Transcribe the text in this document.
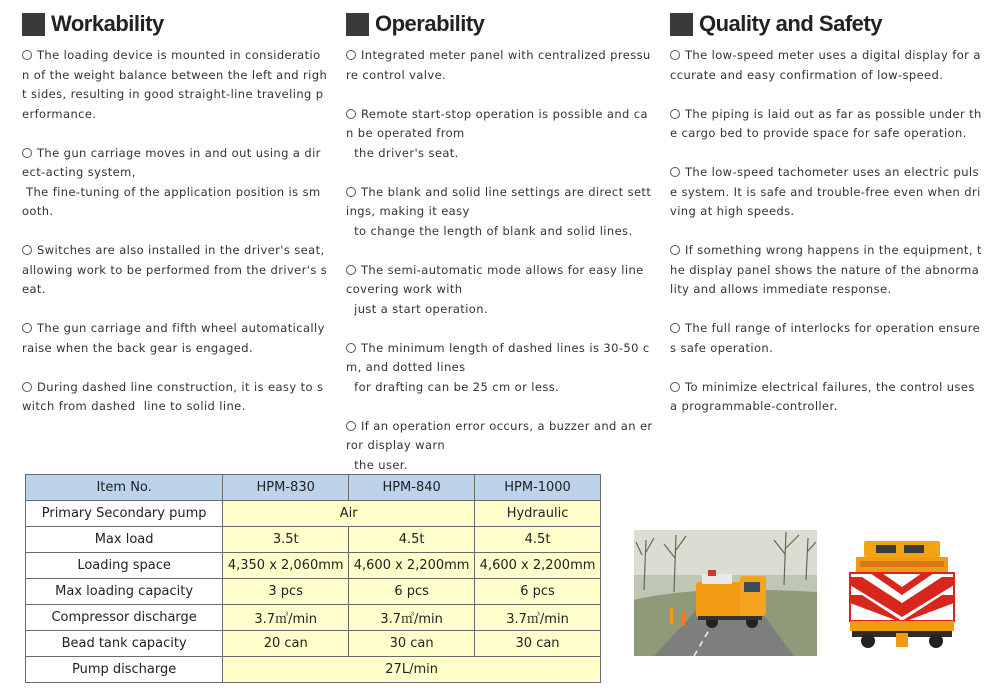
Workability

The loading device is mounted in consideration of the weight balance between the left and right sides, resulting in good straight-line traveling performance.

The gun carriage moves in and out using a direct-acting system,
The fine-tuning of the application position is smooth.

Switches are also installed in the driver's seat, allowing work to be performed from the driver's seat.

The gun carriage and fifth wheel automatically raise when the back gear is engaged.

During dashed line construction, it is easy to switch from dashed  line to solid line.

Operability

Integrated meter panel with centralized pressure control valve.

Remote start-stop operation is possible and can be operated from
the driver's seat.

The blank and solid line settings are direct settings, making it easy
to change the length of blank and solid lines.

The semi-automatic mode allows for easy line covering work with
just a start operation.

The minimum length of dashed lines is 30-50 cm, and dotted lines
for drafting can be 25 cm or less.

If an operation error occurs, a buzzer and an error display warn
the user.

Quality and Safety

The low-speed meter uses a digital display for accurate and easy confirmation of low-speed.

The piping is laid out as far as possible under the cargo bed to provide space for safe operation.

The low-speed tachometer uses an electric pulse system. It is safe and trouble-free even when driving at high speeds.

If something wrong happens in the equipment, the display panel shows the nature of the abnormality and allows immediate response.

The full range of interlocks for operation ensures safe operation.

To minimize electrical failures, the control uses a programmable-controller.

Item No.	HPM-830	HPM-840	HPM-1000
Primary Secondary pump	Air		Hydraulic
Max load	3.5t	4.5t	4.5t
Loading space	4,350 x 2,060mm	4,600 x 2,200mm	4,600 x 2,200mm
Max loading capacity	3 pcs	6 pcs	6 pcs
Compressor discharge	3.7㎥/min	3.7㎥/min	3.7㎥/min
Bead tank capacity	20 can	30 can	30 can
Pump discharge	27L/min		
